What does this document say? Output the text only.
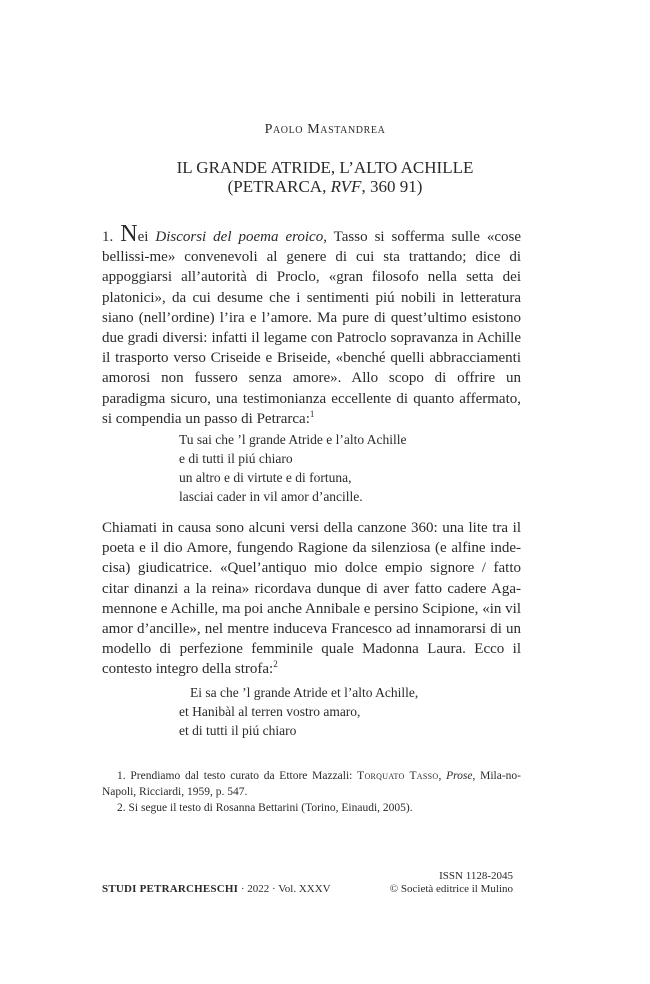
Paolo Mastandrea
IL GRANDE ATRIDE, L’ALTO ACHILLE
(PETRARCA, RVF, 360 91)
1. Nei Discorsi del poema eroico, Tasso si sofferma sulle «cose bellissi-me» convenevoli al genere di cui sta trattando; dice di appoggiarsi all’autorità di Proclo, «gran filosofo nella setta dei platonici», da cui desume che i sentimenti piú nobili in letteratura siano (nell’ordine) l’ira e l’amore. Ma pure di quest’ultimo esistono due gradi diversi: infatti il legame con Patroclo sopravanza in Achille il trasporto verso Criseide e Briseide, «benché quelli abbracciamenti amorosi non fussero senza amore». Allo scopo di offrire un paradigma sicuro, una testimonianza eccellente di quanto affermato, si compendia un passo di Petrarca:$^1$
Tu sai che ’l grande Atride e l’alto Achille
e di tutti il piú chiaro
un altro e di virtute e di fortuna,
lasciai cader in vil amor d’ancille.
Chiamati in causa sono alcuni versi della canzone 360: una lite tra il poeta e il dio Amore, fungendo Ragione da silenziosa (e alfine inde-cisa) giudicatrice. «Quel’antiquo mio dolce empio signore / fatto citar dinanzi a la reina» ricordava dunque di aver fatto cadere Aga-mennone e Achille, ma poi anche Annibale e persino Scipione, «in vil amor d’ancille», nel mentre induceva Francesco ad innamorarsi di un modello di perfezione femminile quale Madonna Laura. Ecco il contesto integro della strofa:$^2$
Ei sa che ’l grande Atride et l’alto Achille,
et Hanibàl al terren vostro amaro,
et di tutti il piú chiaro
1. Prendiamo dal testo curato da Ettore Mazzali: Torquato Tasso, Prose, Mila-no-Napoli, Ricciardi, 1959, p. 547.
2. Si segue il testo di Rosanna Bettarini (Torino, Einaudi, 2005).
ISSN 1128-2045
STUDI PETRARCHESCHI · 2022 · Vol. XXXV	© Società editrice il Mulino
